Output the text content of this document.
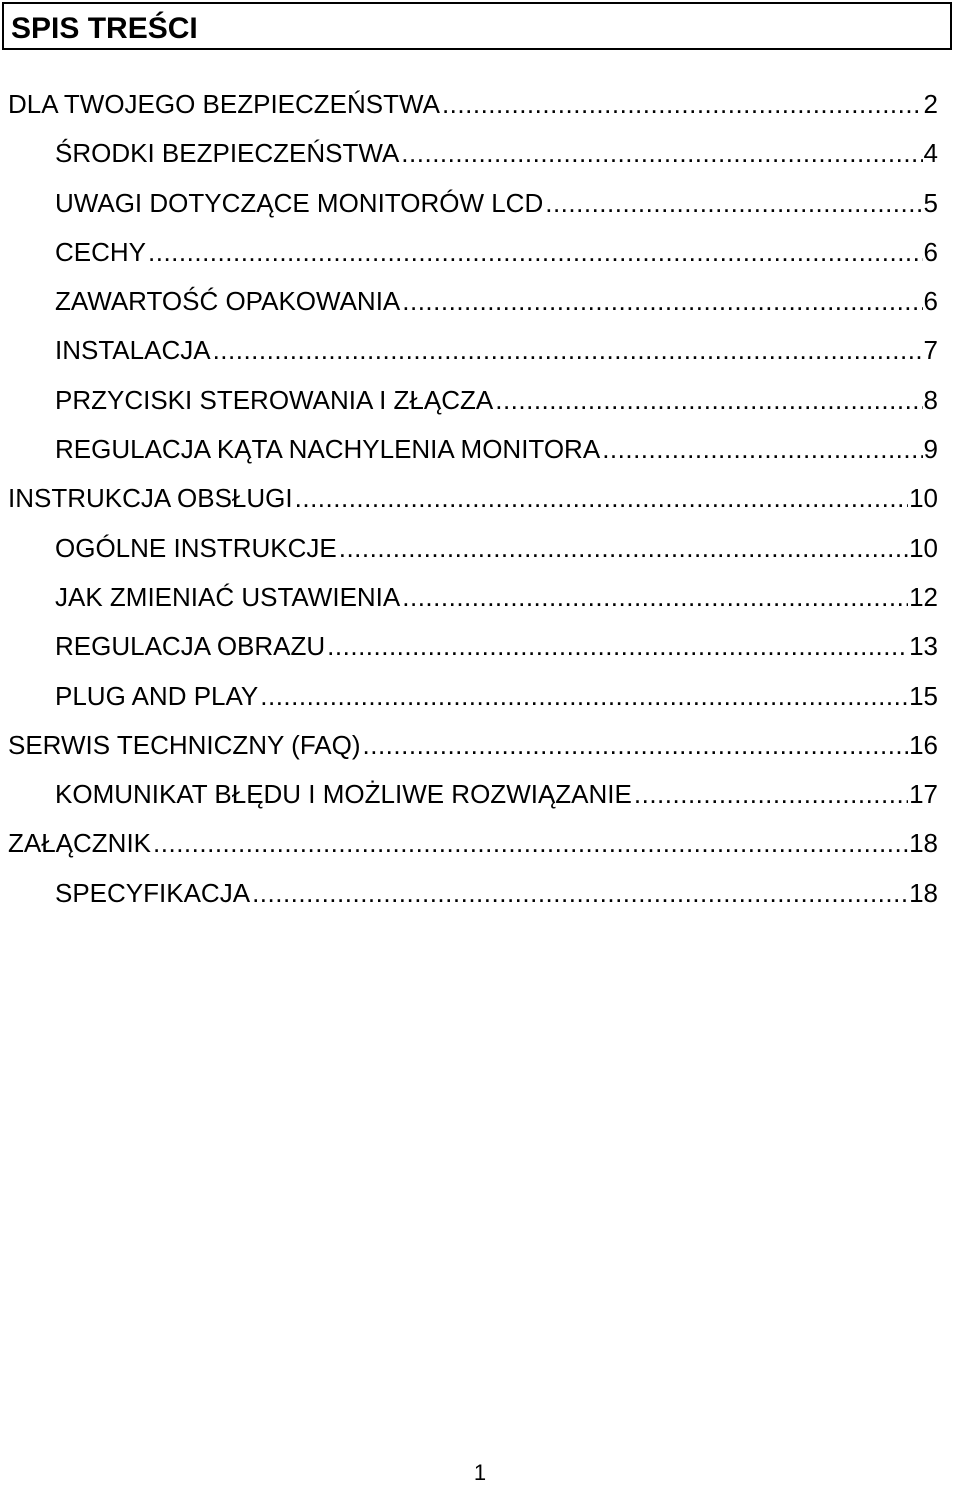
SPIS TREŚCI
DLA TWOJEGO BEZPIECZEŃSTWA .....	2
ŚRODKI BEZPIECZEŃSTWA .....	4
UWAGI DOTYCZĄCE MONITORÓW LCD .....	5
CECHY .....	6
ZAWARTOŚĆ OPAKOWANIA .....	6
INSTALACJA .....	7
PRZYCISKI STEROWANIA I ZŁĄCZA .....	8
REGULACJA KĄTA NACHYLENIA MONITORA .....	9
INSTRUKCJA OBSŁUGI .....	10
OGÓLNE INSTRUKCJE .....	10
JAK ZMIENIAĆ USTAWIENIA .....	12
REGULACJA OBRAZU .....	13
PLUG AND PLAY .....	15
SERWIS TECHNICZNY (FAQ) .....	16
KOMUNIKAT BŁĘDU I MOŻLIWE ROZWIĄZANIE .....	17
ZAŁĄCZNIK .....	18
SPECYFIKACJA .....	18
1
